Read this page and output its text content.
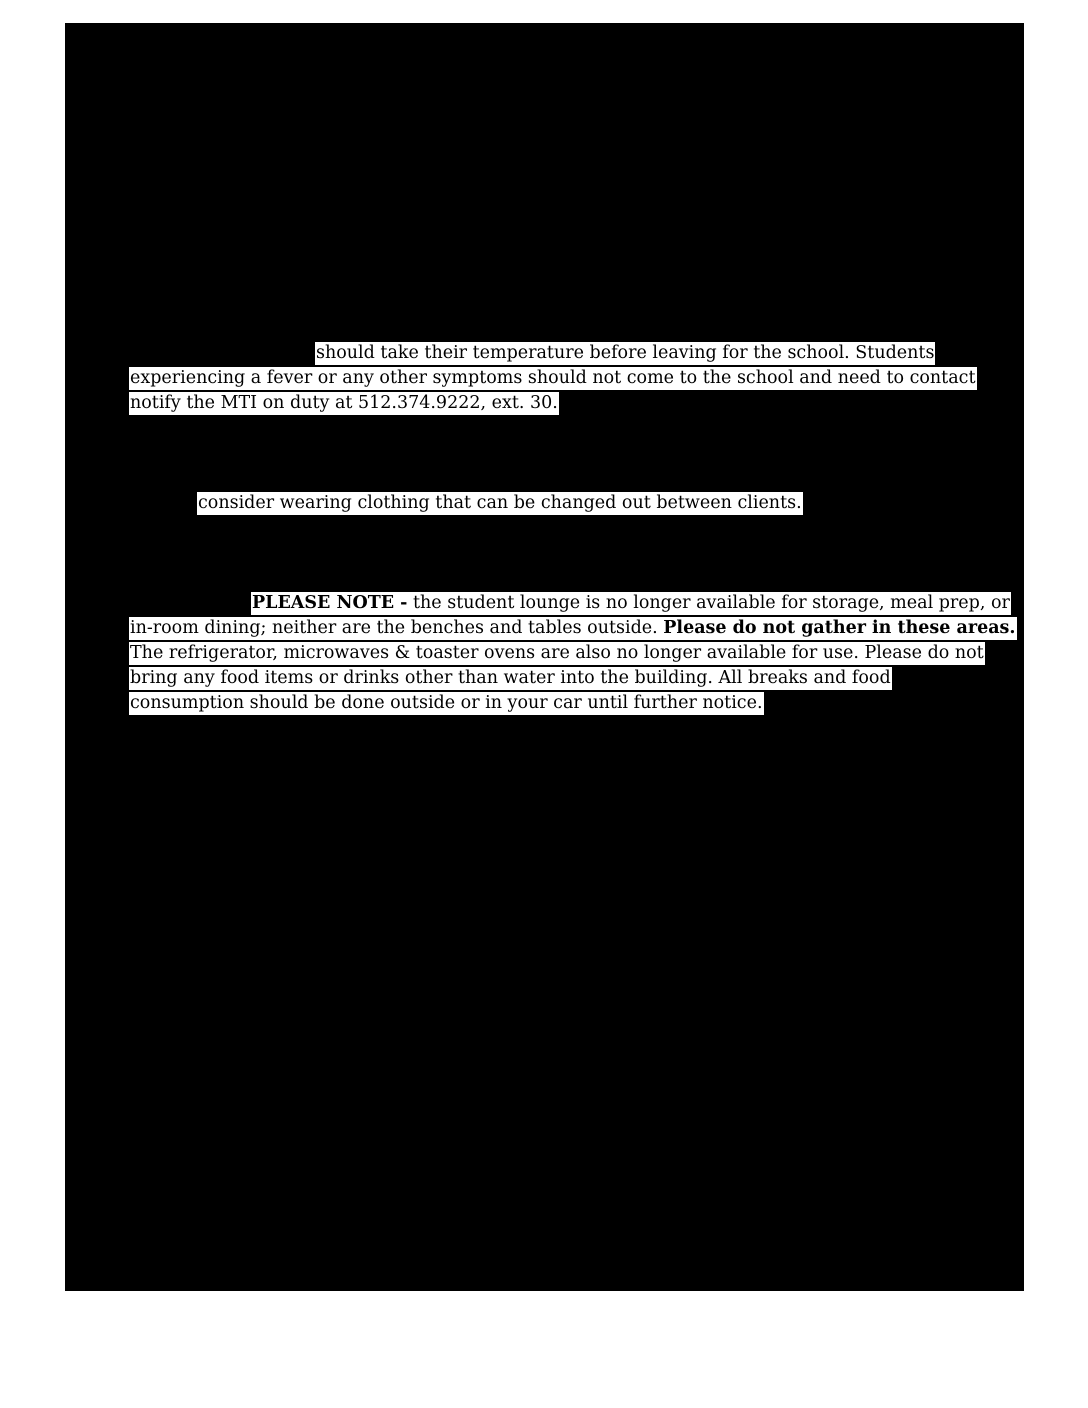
should take their temperature before leaving for the school. Students
experiencing a fever or any other symptoms should not come to the school and need to contact
notify the MTI on duty at 512.374.9222, ext. 30.
consider wearing clothing that can be changed out between clients.
PLEASE NOTE - the student lounge is no longer available for storage, meal prep, or
in-room dining; neither are the benches and tables outside. Please do not gather in these areas.
The refrigerator, microwaves & toaster ovens are also no longer available for use. Please do not
bring any food items or drinks other than water into the building. All breaks and food
consumption should be done outside or in your car until further notice.
